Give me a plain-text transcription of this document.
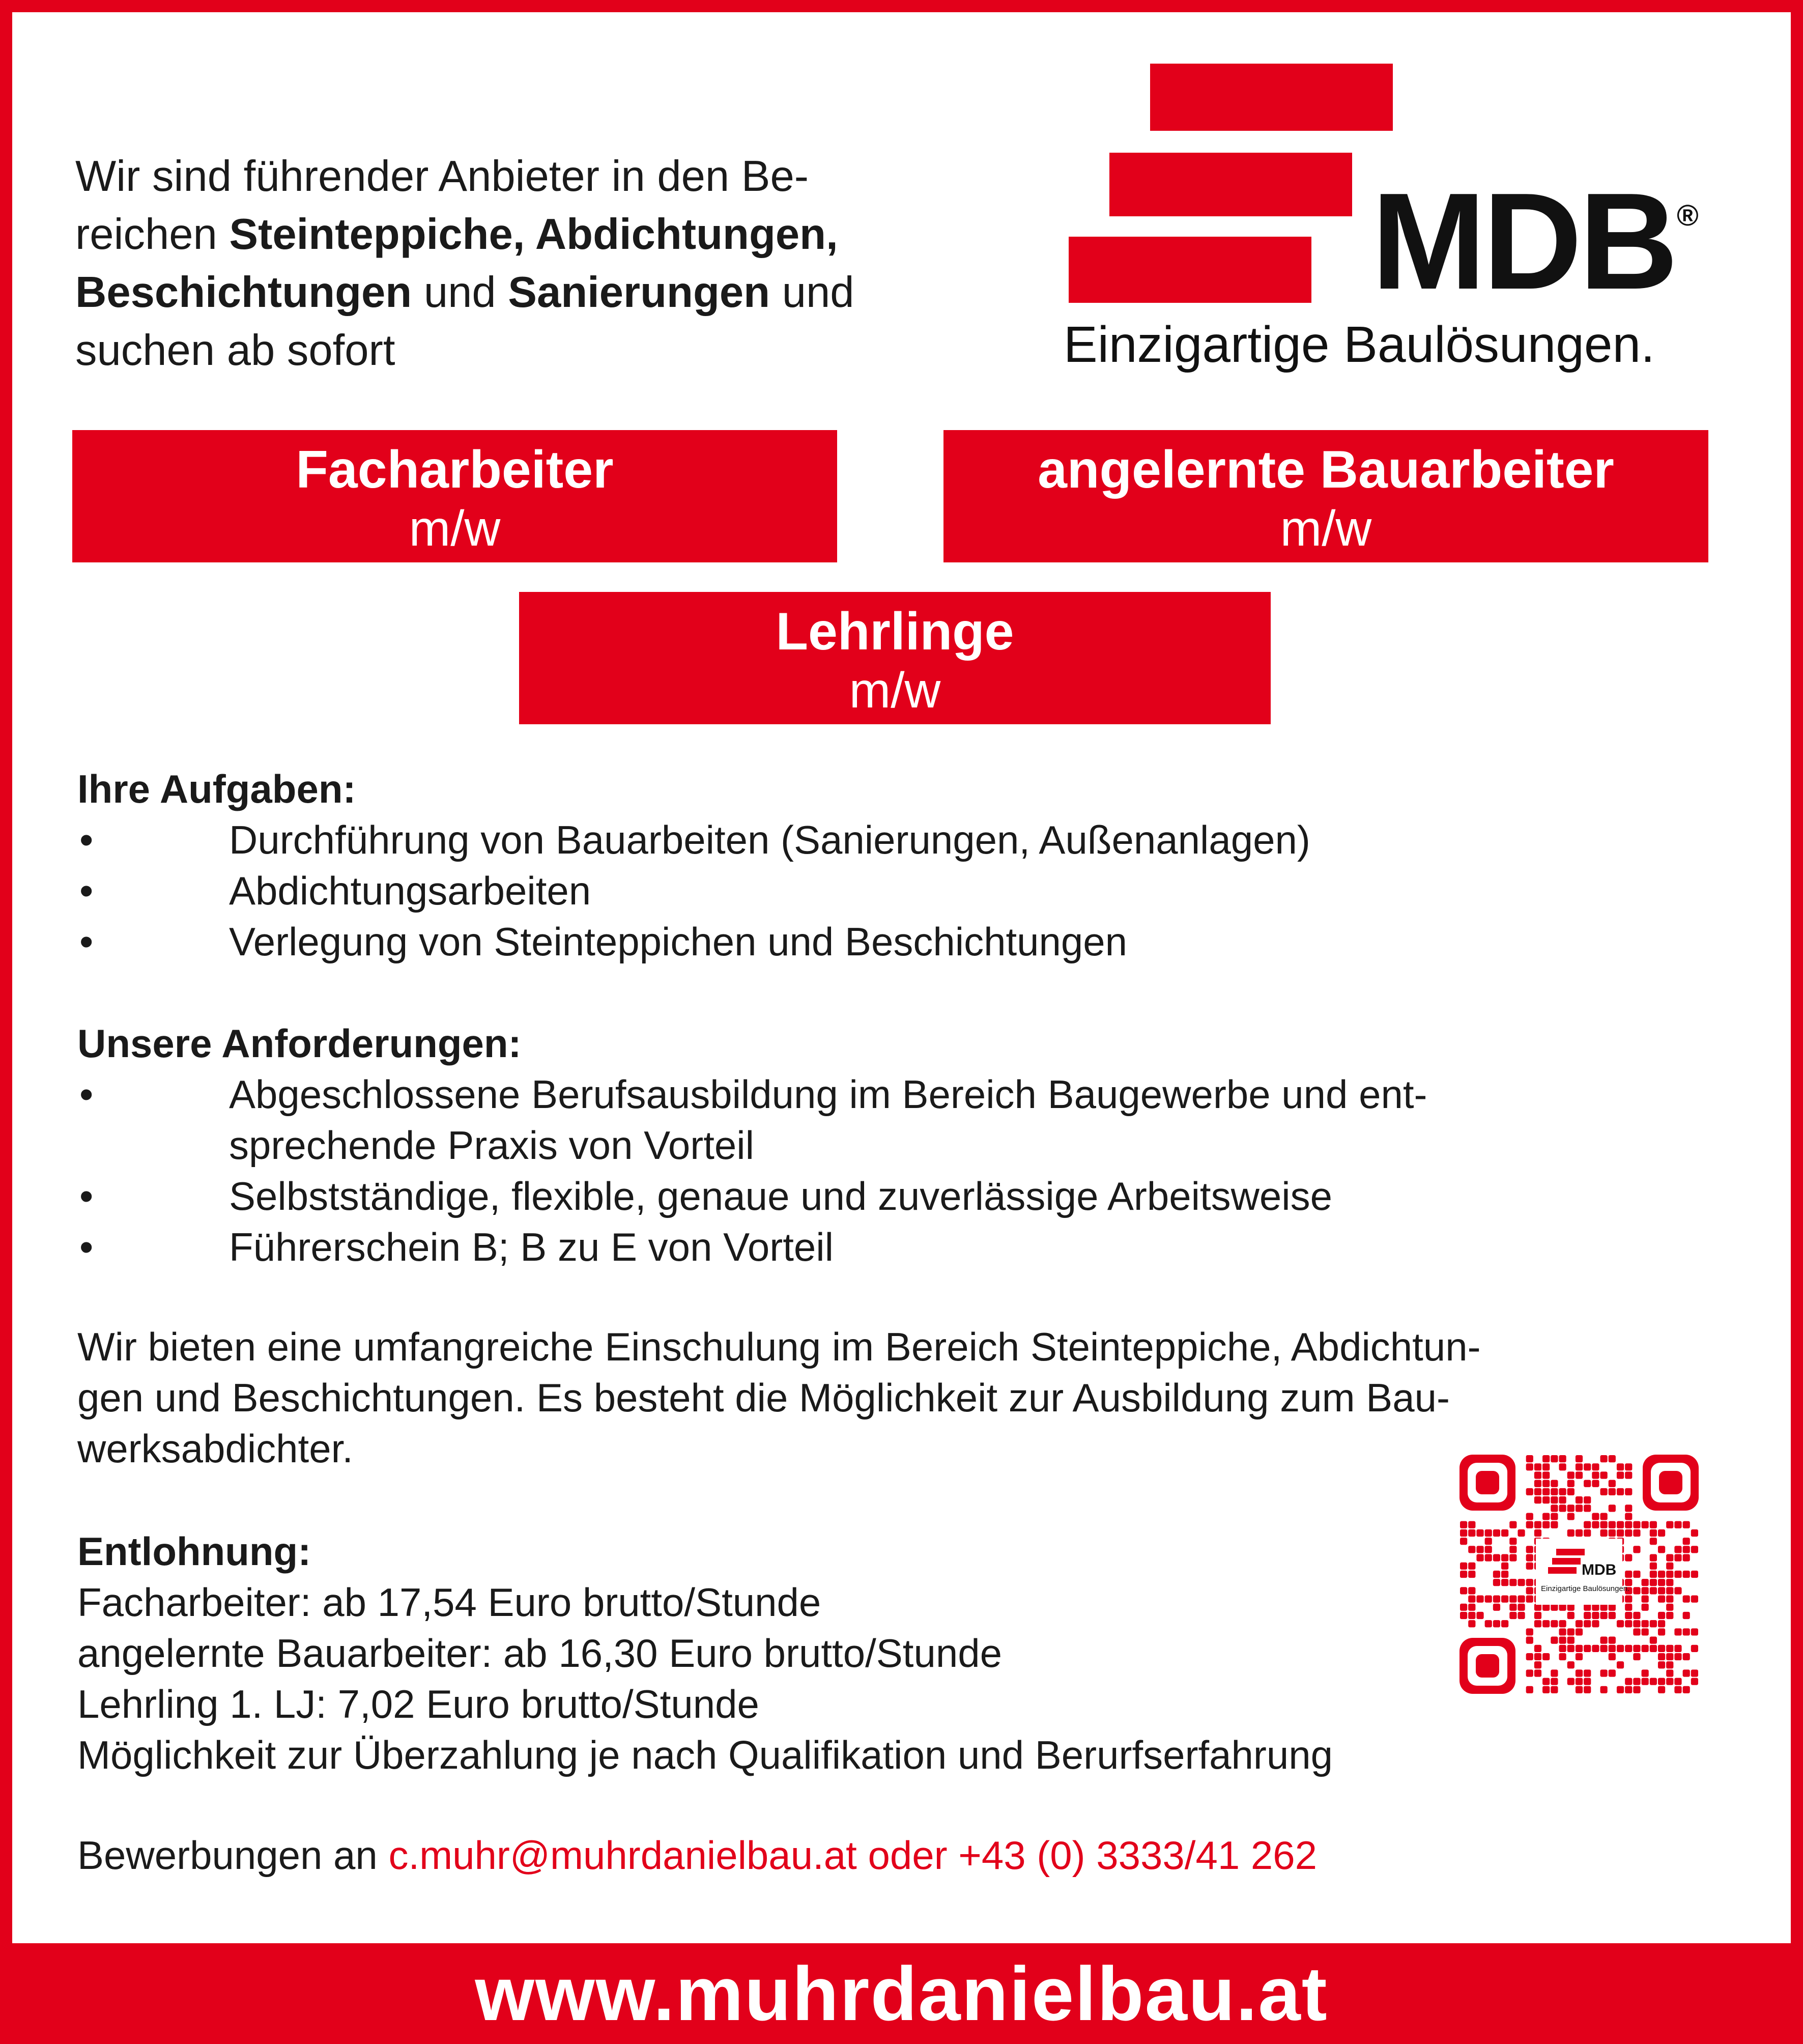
Wir sind führender Anbieter in den Be-
reichen Steinteppiche, Abdichtungen,
Beschichtungen und Sanierungen und
suchen ab sofort
MDB ®
Einzigartige Baulösungen.
Facharbeiter
m/w
angelernte Bauarbeiter
m/w
Lehrlinge
m/w
Ihre Aufgaben:
•	Durchführung von Bauarbeiten (Sanierungen, Außenanlagen)
•	Abdichtungsarbeiten
•	Verlegung von Steinteppichen und Beschichtungen
Unsere Anforderungen:
•	Abgeschlossene Berufsausbildung im Bereich Baugewerbe und ent-
sprechende Praxis von Vorteil
•	Selbstständige, flexible, genaue und zuverlässige Arbeitsweise
•	Führerschein B; B zu E von Vorteil
Wir bieten eine umfangreiche Einschulung im Bereich Steinteppiche, Abdichtun-
gen und Beschichtungen. Es besteht die Möglichkeit zur Ausbildung zum Bau-
werksabdichter.
Entlohnung:
Facharbeiter: ab 17,54 Euro brutto/Stunde
angelernte Bauarbeiter: ab 16,30 Euro brutto/Stunde
Lehrling 1. LJ: 7,02 Euro brutto/Stunde
Möglichkeit zur Überzahlung je nach Qualifikation und Berurfserfahrung
Bewerbungen an c.muhr@muhrdanielbau.at oder +43 (0) 3333/41 262
MDB
Einzigartige Baulösungen.
www.muhrdanielbau.at
